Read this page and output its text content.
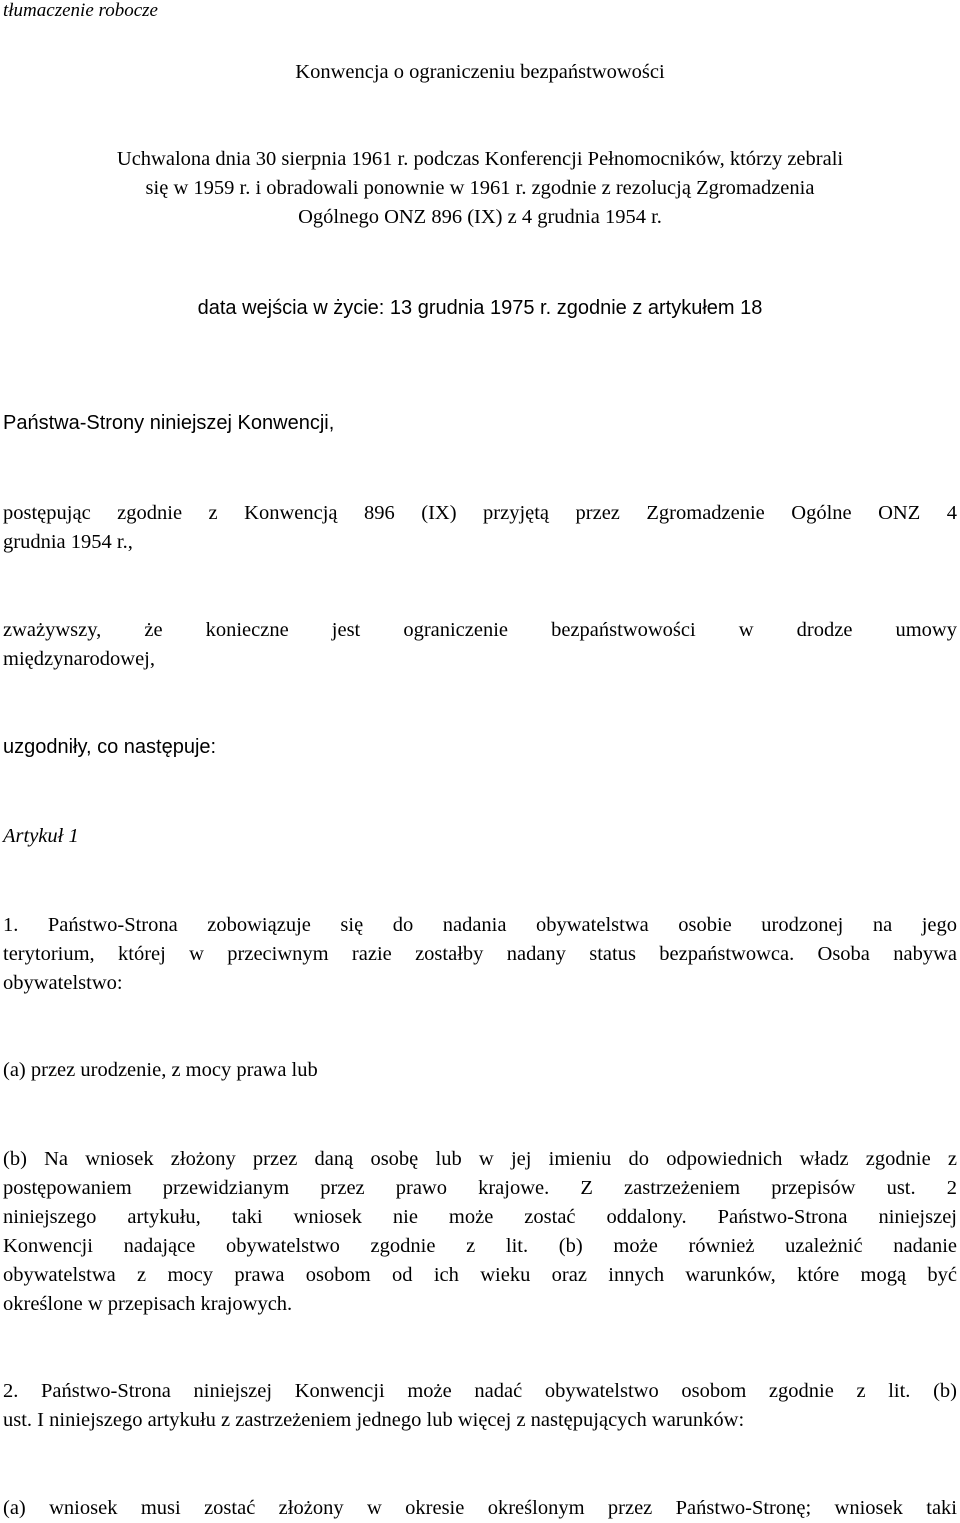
tłumaczenie robocze

Konwencja o ograniczeniu bezpaństwowości

Uchwalona dnia 30 sierpnia 1961 r. podczas Konferencji Pełnomocników, którzy zebrali

się w 1959 r. i obradowali ponownie w 1961 r. zgodnie z rezolucją Zgromadzenia

Ogólnego ONZ 896 (IX) z 4 grudnia 1954 r.

data wejścia w życie: 13 grudnia 1975 r. zgodnie z artykułem 18

Państwa-Strony niniejszej Konwencji,

postępując zgodnie z Konwencją 896 (IX) przyjętą przez Zgromadzenie Ogólne ONZ 4

grudnia 1954 r.,

zważywszy, że konieczne jest ograniczenie bezpaństwowości w drodze umowy

międzynarodowej,

uzgodniły, co następuje:

Artykuł 1

1. Państwo-Strona zobowiązuje się do nadania obywatelstwa osobie urodzonej na jego

terytorium, której w przeciwnym razie zostałby nadany status bezpaństwowca. Osoba nabywa

obywatelstwo:

(a) przez urodzenie, z mocy prawa lub

(b) Na wniosek złożony przez daną osobę lub w jej imieniu do odpowiednich władz zgodnie z

postępowaniem przewidzianym przez prawo krajowe. Z zastrzeżeniem przepisów ust. 2

niniejszego artykułu, taki wniosek nie może zostać oddalony. Państwo-Strona niniejszej

Konwencji nadające obywatelstwo zgodnie z lit. (b) może również uzależnić nadanie

obywatelstwa z mocy prawa osobom od ich wieku oraz innych warunków, które mogą być

określone w przepisach krajowych.

2. Państwo-Strona niniejszej Konwencji może nadać obywatelstwo osobom zgodnie z lit. (b)

ust. I niniejszego artykułu z zastrzeżeniem jednego lub więcej z następujących warunków:

(a) wniosek musi zostać złożony w okresie określonym przez Państwo-Stronę; wniosek taki
